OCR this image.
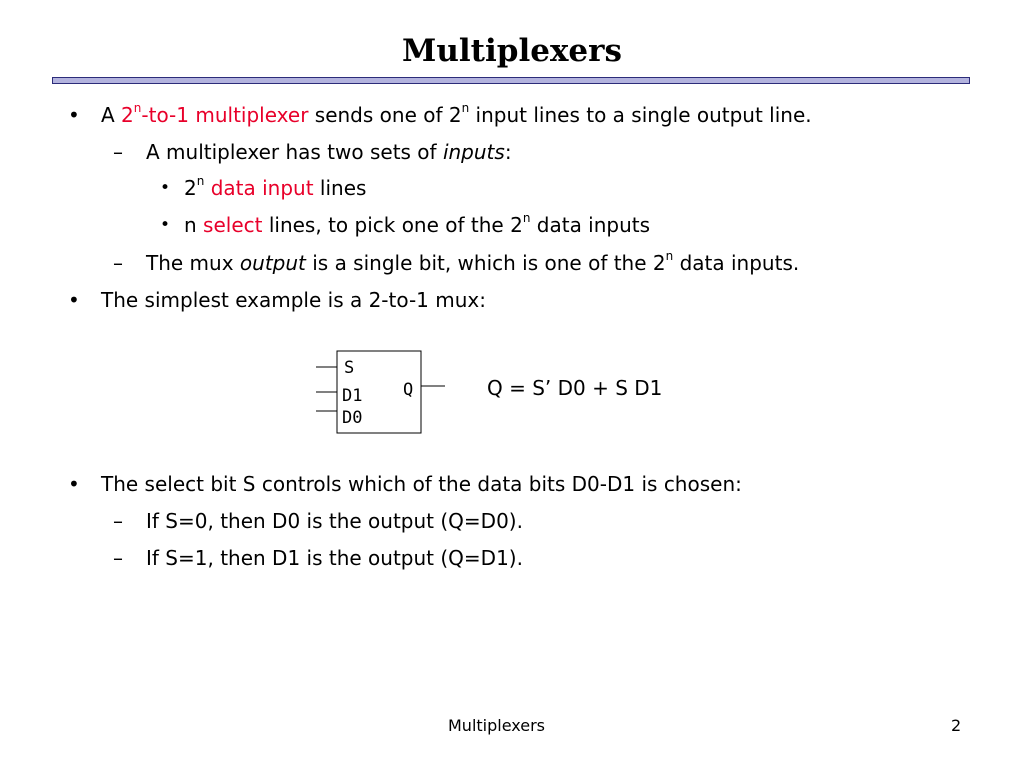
Multiplexers
• A 2$^n$-to-1 multiplexer sends one of 2$^n$ input lines to a single output line.
– A multiplexer has two sets of inputs:
• 2$^n$ data input lines
• n select lines, to pick one of the 2$^n$ data inputs
– The mux output is a single bit, which is one of the 2$^n$ data inputs.
• The simplest example is a 2-to-1 mux:
S
D1
D0
Q	Q = S’ D0 + S D1
• The select bit S controls which of the data bits D0-D1 is chosen:
– If S=0, then D0 is the output (Q=D0).
– If S=1, then D1 is the output (Q=D1).
Multiplexers	2
